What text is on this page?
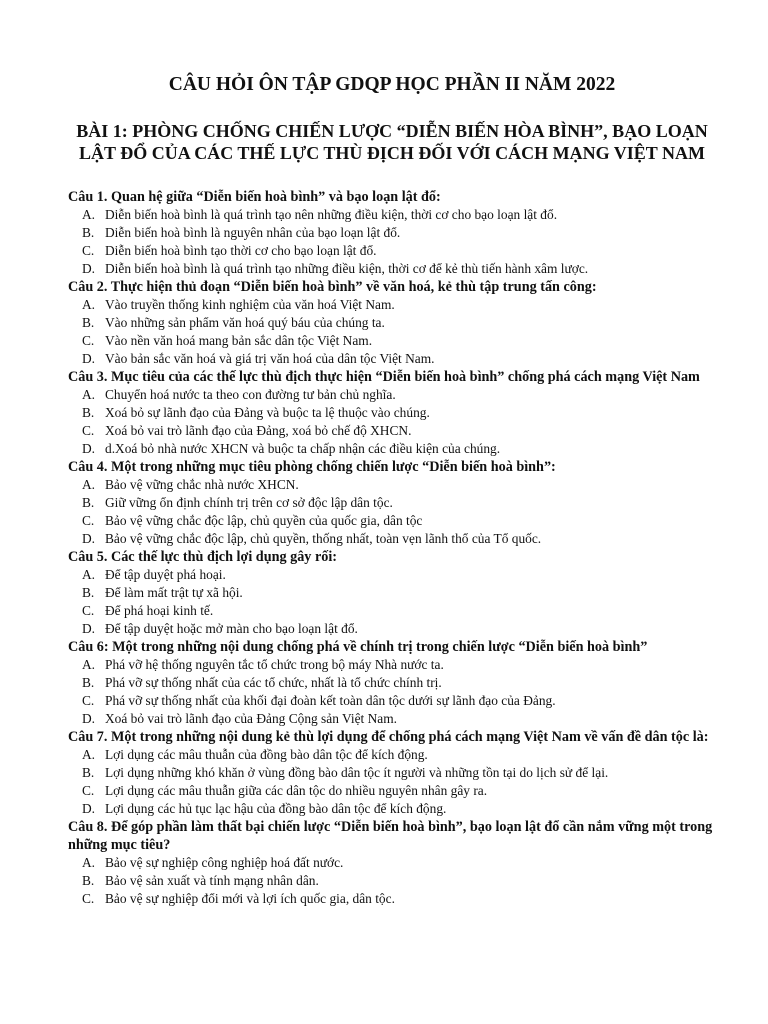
CÂU HỎI ÔN TẬP GDQP HỌC PHẦN II NĂM 2022
BÀI 1: PHÒNG CHỐNG CHIẾN LƯỢC “DIỄN BIẾN HÒA BÌNH”, BẠO LOẠN
LẬT ĐỔ CỦA CÁC THẾ LỰC THÙ ĐỊCH ĐỐI VỚI CÁCH MẠNG VIỆT NAM

Câu 1. Quan hệ giữa “Diễn biến hoà bình” và bạo loạn lật đổ:

A. Diễn biến hoà bình là quá trình tạo nên những điều kiện, thời cơ cho bạo loạn lật đổ.
B. Diễn biến hoà bình là nguyên nhân của bạo loạn lật đổ.
C. Diễn biến hoà bình tạo thời cơ cho bạo loạn lật đổ.
D. Diễn biến hoà bình là quá trình tạo những điều kiện, thời cơ để kẻ thù tiến hành xâm lược.

Câu 2. Thực hiện thủ đoạn “Diễn biến hoà bình” về văn hoá, kẻ thù tập trung tấn công:

A. Vào truyền thống kinh nghiệm của văn hoá Việt Nam.
B. Vào những sản phẩm văn hoá quý báu của chúng ta.
C. Vào nền văn hoá mang bản sắc dân tộc Việt Nam.
D. Vào bản sắc văn hoá và giá trị văn hoá của dân tộc Việt Nam.

Câu 3. Mục tiêu của các thế lực thù địch thực hiện “Diễn biến hoà bình” chống phá cách mạng Việt Nam

A. Chuyển hoá nước ta theo con đường tư bản chủ nghĩa.
B. Xoá bỏ sự lãnh đạo của Đảng và buộc ta lệ thuộc vào chúng.
C. Xoá bỏ vai trò lãnh đạo của Đảng, xoá bỏ chế độ XHCN.
D. d.Xoá bỏ nhà nước XHCN và buộc ta chấp nhận các điều kiện của chúng.

Câu 4. Một trong những mục tiêu phòng chống chiến lược “Diễn biến hoà bình”:

A. Bảo vệ vững chắc nhà nước XHCN.
B. Giữ vững ổn định chính trị trên cơ sở độc lập dân tộc.
C. Bảo vệ vững chắc độc lập, chủ quyền của quốc gia, dân tộc
D. Bảo vệ vững chắc độc lập, chủ quyền, thống nhất, toàn vẹn lãnh thổ của Tổ quốc.

Câu 5. Các thế lực thù địch lợi dụng gây rối:

A. Để tập duyệt phá hoại.
B. Để làm mất trật tự xã hội.
C. Để phá hoại kinh tế.
D. Để tập duyệt hoặc mở màn cho bạo loạn lật đổ.

Câu 6: Một trong những nội dung chống phá về chính trị trong chiến lược “Diễn biến hoà bình”

A. Phá vỡ hệ thống nguyên tắc tổ chức trong bộ máy Nhà nước ta.
B. Phá vỡ sự thống nhất của các tổ chức, nhất là tổ chức chính trị.
C. Phá vỡ sự thống nhất của khối đại đoàn kết toàn dân tộc dưới sự lãnh đạo của Đảng.
D. Xoá bỏ vai trò lãnh đạo của Đảng Cộng sản Việt Nam.

Câu 7. Một trong những nội dung kẻ thù lợi dụng để chống phá cách mạng Việt Nam về vấn đề dân tộc là:

A. Lợi dụng các mâu thuẫn của đồng bào dân tộc để kích động.
B. Lợi dụng những khó khăn ở vùng đồng bào dân tộc ít người và những tồn tại do lịch sử để lại.
C. Lợi dụng các mâu thuẫn giữa các dân tộc do nhiều nguyên nhân gây ra.
D. Lợi dụng các hủ tục lạc hậu của đồng bào dân tộc để kích động.

Câu 8. Để góp phần làm thất bại chiến lược “Diễn biến hoà bình”, bạo loạn lật đổ cần nắm vững một trong những mục tiêu?

A. Bảo vệ sự nghiệp công nghiệp hoá đất nước.
B. Bảo vệ sản xuất và tính mạng nhân dân.
C. Bảo vệ sự nghiệp đổi mới và lợi ích quốc gia, dân tộc.
